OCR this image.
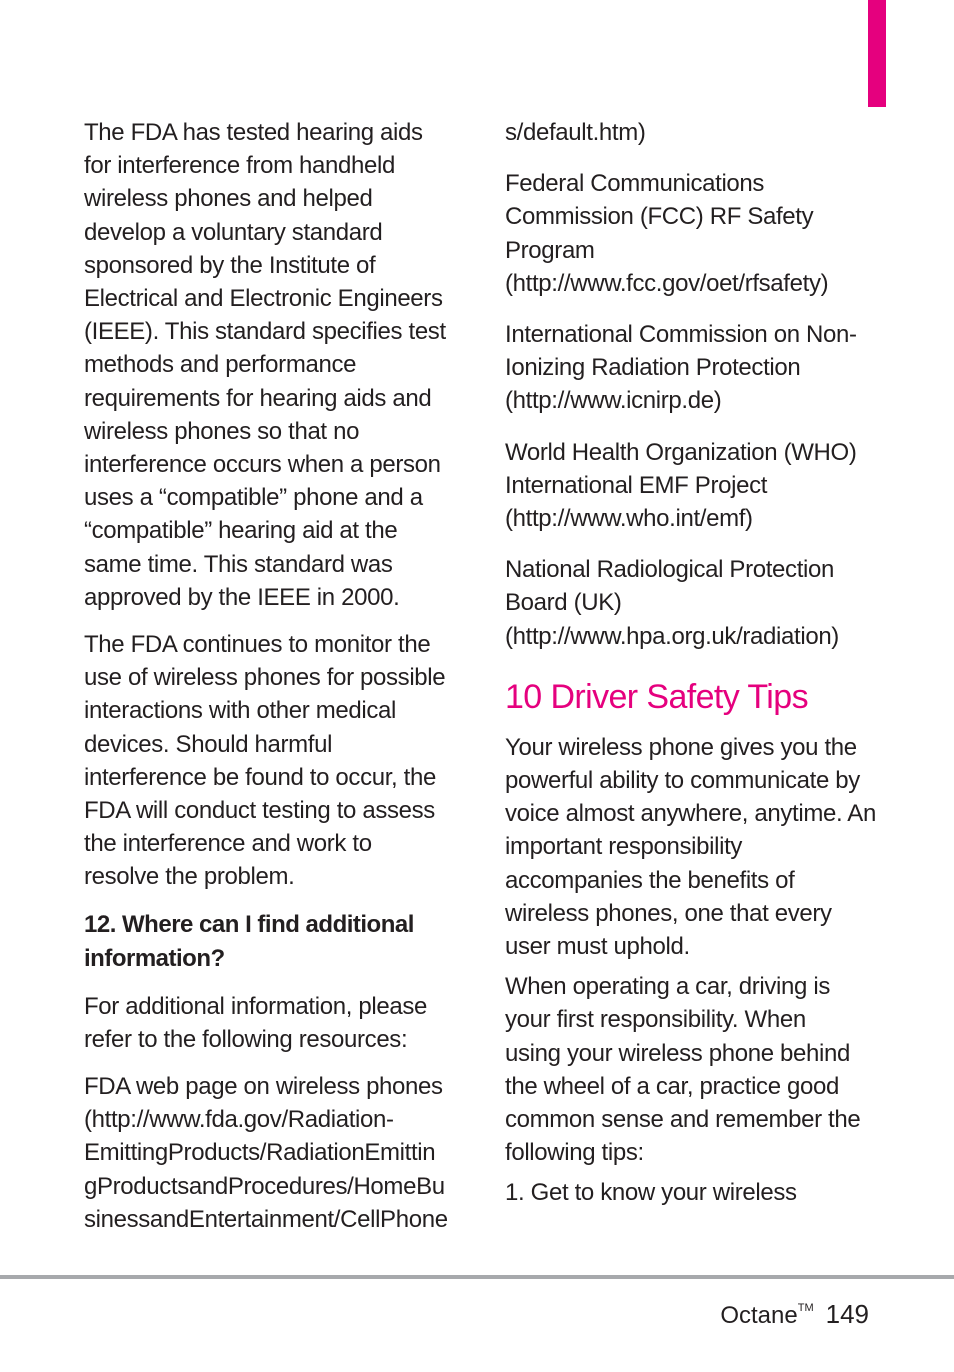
The FDA has tested hearing aids
for interference from handheld
wireless phones and helped
develop a voluntary standard
sponsored by the Institute of
Electrical and Electronic Engineers
(IEEE). This standard specifies test
methods and performance
requirements for hearing aids and
wireless phones so that no
interference occurs when a person
uses a “compatible” phone and a
“compatible” hearing aid at the
same time. This standard was
approved by the IEEE in 2000.

The FDA continues to monitor the
use of wireless phones for possible
interactions with other medical
devices. Should harmful
interference be found to occur, the
FDA will conduct testing to assess
the interference and work to
resolve the problem.

12. Where can I find additional
information?

For additional information, please
refer to the following resources:

FDA web page on wireless phones
(http://www.fda.gov/Radiation-
EmittingProducts/RadiationEmittin
gProductsandProcedures/HomeBu
sinessandEntertainment/CellPhone

s/default.htm)

Federal Communications
Commission (FCC) RF Safety
Program
(http://www.fcc.gov/oet/rfsafety)

International Commission on Non-
Ionizing Radiation Protection
(http://www.icnirp.de)

World Health Organization (WHO)
International EMF Project
(http://www.who.int/emf)

National Radiological Protection
Board (UK)
(http://www.hpa.org.uk/radiation)

10 Driver Safety Tips

Your wireless phone gives you the
powerful ability to communicate by
voice almost anywhere, anytime. An
important responsibility
accompanies the benefits of
wireless phones, one that every
user must uphold.

When operating a car, driving is
your first responsibility. When
using your wireless phone behind
the wheel of a car, practice good
common sense and remember the
following tips:

1. Get to know your wireless

Octane™ 149
